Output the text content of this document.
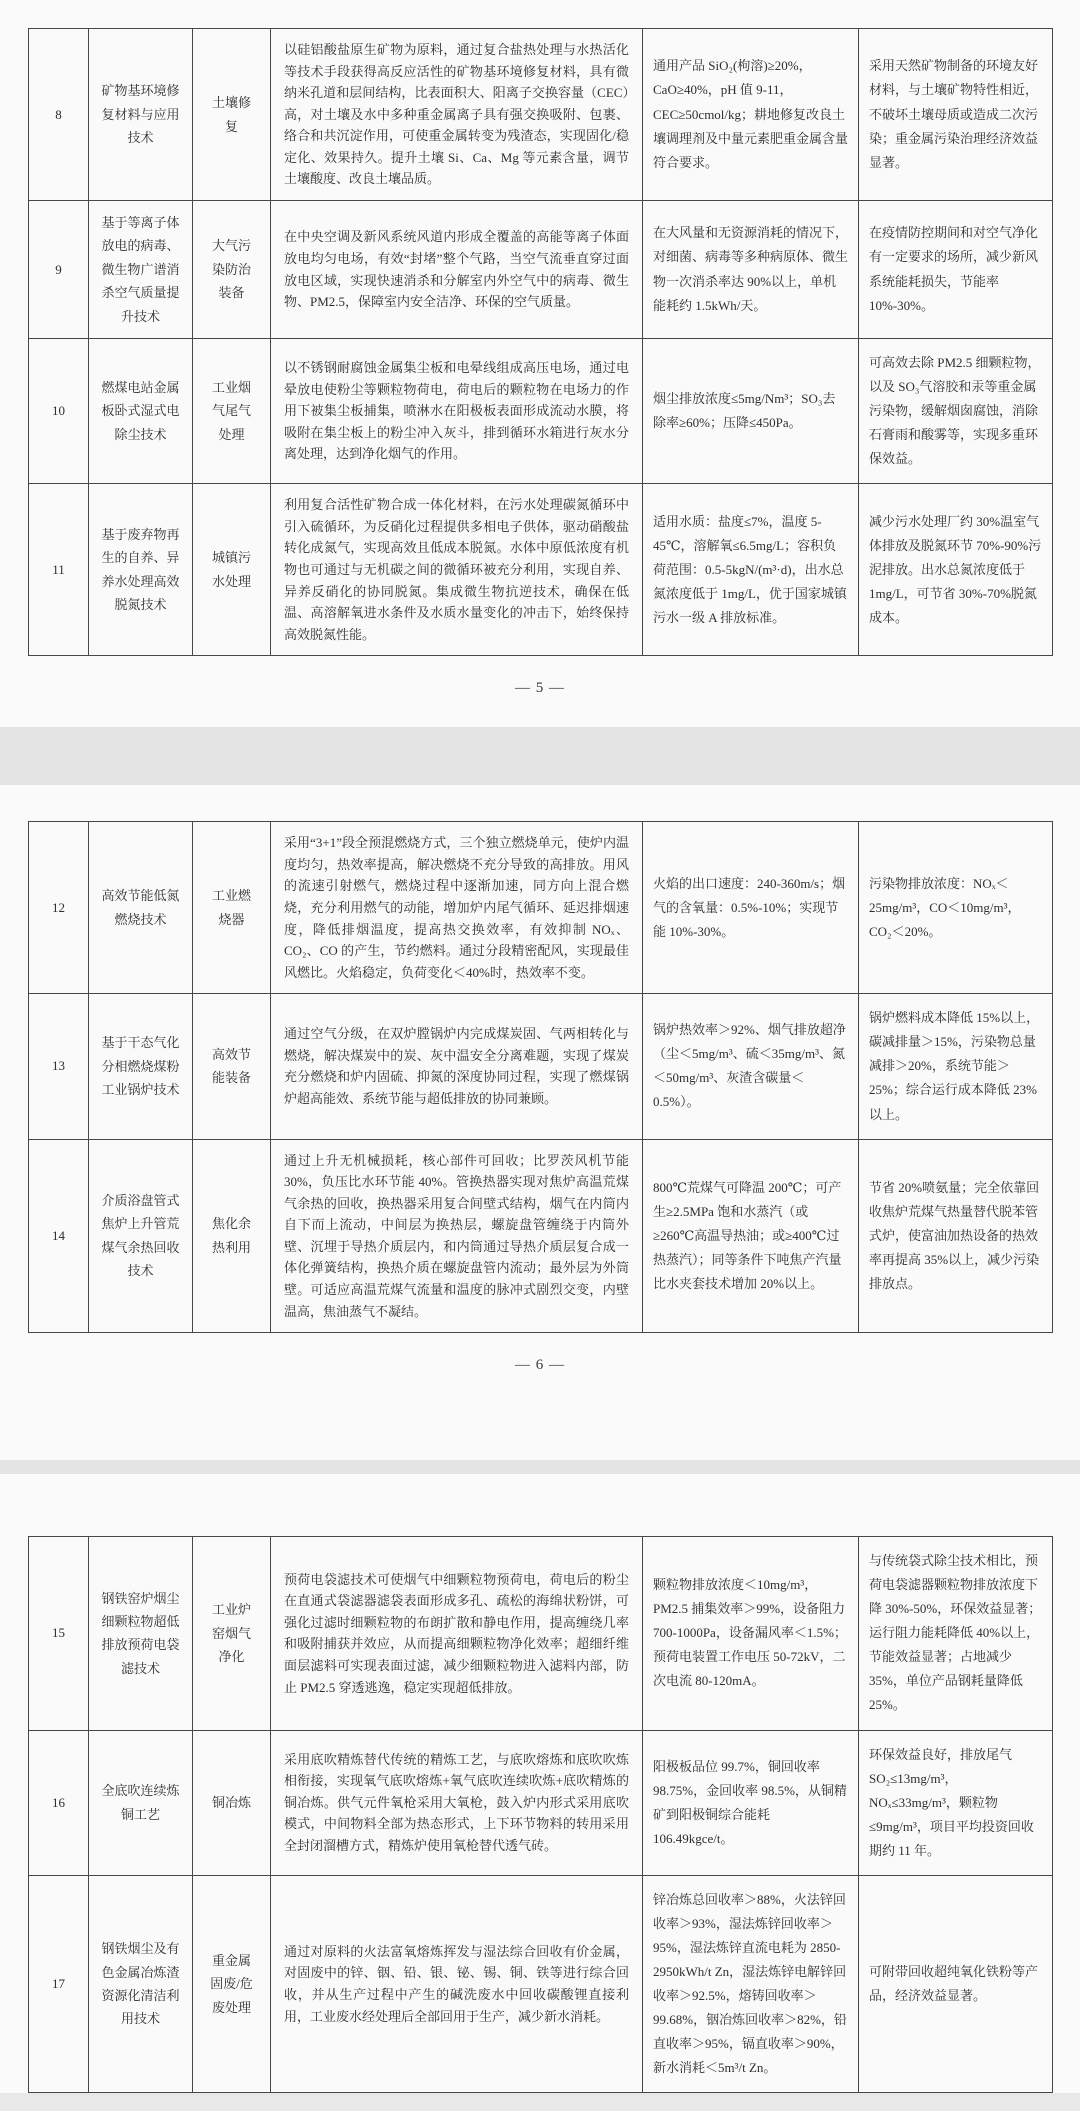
8	矿物基环境修复材料与应用技术	土壤修复	以硅铝酸盐原生矿物为原料，通过复合盐热处理与水热活化等技术手段获得高反应活性的矿物基环境修复材料，具有微纳米孔道和层间结构，比表面积大、阳离子交换容量（CEC）高，对土壤及水中多种重金属离子具有强交换吸附、包裹、络合和共沉淀作用，可使重金属转变为残渣态，实现固化/稳定化、效果持久。提升土壤 Si、Ca、Mg 等元素含量，调节土壤酸度、改良土壤品质。	通用产品 SiO₂(枸溶)≥20%，CaO≥40%，pH 值 9-11，CEC≥50cmol/kg；耕地修复改良土壤调理剂及中量元素肥重金属含量符合要求。	采用天然矿物制备的环境友好材料，与土壤矿物特性相近，不破坏土壤母质或造成二次污染；重金属污染治理经济效益显著。
9	基于等离子体放电的病毒、微生物广谱消杀空气质量提升技术	大气污染防治装备	在中央空调及新风系统风道内形成全覆盖的高能等离子体面放电均匀电场，有效“封堵”整个气路，当空气流垂直穿过面放电区域，实现快速消杀和分解室内外空气中的病毒、微生物、PM2.5，保障室内安全洁净、环保的空气质量。	在大风量和无资源消耗的情况下，对细菌、病毒等多种病原体、微生物一次消杀率达 90%以上，单机能耗约 1.5kWh/天。	在疫情防控期间和对空气净化有一定要求的场所，减少新风系统能耗损失，节能率 10%-30%。
10	燃煤电站金属板卧式湿式电除尘技术	工业烟气尾气处理	以不锈钢耐腐蚀金属集尘板和电晕线组成高压电场，通过电晕放电使粉尘等颗粒物荷电，荷电后的颗粒物在电场力的作用下被集尘板捕集，喷淋水在阳极板表面形成流动水膜，将吸附在集尘板上的粉尘冲入灰斗，排到循环水箱进行灰水分离处理，达到净化烟气的作用。	烟尘排放浓度≤5mg/Nm³；SO₃去除率≥60%；压降≤450Pa。	可高效去除 PM2.5 细颗粒物，以及 SO₃气溶胶和汞等重金属污染物，缓解烟囱腐蚀，消除石膏雨和酸雾等，实现多重环保效益。
11	基于废弃物再生的自养、异养水处理高效脱氮技术	城镇污水处理	利用复合活性矿物合成一体化材料，在污水处理碳氮循环中引入硫循环，为反硝化过程提供多相电子供体，驱动硝酸盐转化成氮气，实现高效且低成本脱氮。水体中原低浓度有机物也可通过与无机碳之间的微循环被充分利用，实现自养、异养反硝化的协同脱氮。集成微生物抗逆技术，确保在低温、高溶解氧进水条件及水质水量变化的冲击下，始终保持高效脱氮性能。	适用水质：盐度≤7%，温度 5-45℃，溶解氧≤6.5mg/L；容积负荷范围：0.5-5kgN/(m³·d)，出水总氮浓度低于 1mg/L，优于国家城镇污水一级 A 排放标准。	减少污水处理厂约 30%温室气体排放及脱氮环节 70%-90%污泥排放。出水总氮浓度低于 1mg/L，可节省 30%-70%脱氮成本。
— 5 —
12	高效节能低氮燃烧技术	工业燃烧器	采用“3+1”段全预混燃烧方式，三个独立燃烧单元，使炉内温度均匀，热效率提高，解决燃烧不充分导致的高排放。用风的流速引射燃气，燃烧过程中逐渐加速，同方向上混合燃烧，充分利用燃气的动能，增加炉内尾气循环、延迟排烟速度，降低排烟温度，提高热交换效率，有效抑制 NOₓ、CO₂、CO 的产生，节约燃料。通过分段精密配风，实现最佳风燃比。火焰稳定，负荷变化＜40%时，热效率不变。	火焰的出口速度：240-360m/s；烟气的含氧量：0.5%-10%；实现节能 10%-30%。	污染物排放浓度：NOₓ＜25mg/m³，CO＜10mg/m³，CO₂＜20%。
13	基于干态气化分相燃烧煤粉工业锅炉技术	高效节能装备	通过空气分级，在双炉膛锅炉内完成煤炭固、气两相转化与燃烧，解决煤炭中的炭、灰中温安全分离难题，实现了煤炭充分燃烧和炉内固硫、抑氮的深度协同过程，实现了燃煤锅炉超高能效、系统节能与超低排放的协同兼顾。	锅炉热效率＞92%、烟气排放超净（尘＜5mg/m³、硫＜35mg/m³、氮＜50mg/m³、灰渣含碳量＜0.5%）。	锅炉燃料成本降低 15%以上，碳减排量＞15%，污染物总量减排＞20%，系统节能＞25%；综合运行成本降低 23%以上。
14	介质浴盘管式焦炉上升管荒煤气余热回收技术	焦化余热利用	通过上升无机械损耗，核心部件可回收；比罗茨风机节能 30%，负压比水环节能 40%。管换热器实现对焦炉高温荒煤气余热的回收，换热器采用复合间壁式结构，烟气在内筒内自下而上流动，中间层为换热层，螺旋盘管缠绕于内筒外壁、沉埋于导热介质层内，和内筒通过导热介质层复合成一体化弹簧结构，换热介质在螺旋盘管内流动；最外层为外筒壁。可适应高温荒煤气流量和温度的脉冲式剧烈交变，内壁温高，焦油蒸气不凝结。	800℃荒煤气可降温 200℃；可产生≥2.5MPa 饱和水蒸汽（或≥260℃高温导热油；或≥400℃过热蒸汽）；同等条件下吨焦产汽量比水夹套技术增加 20%以上。	节省 20%喷氨量；完全依靠回收焦炉荒煤气热量替代脱苯管式炉，使富油加热设备的热效率再提高 35%以上，减少污染排放点。
— 6 —
15	钢铁窑炉烟尘细颗粒物超低排放预荷电袋滤技术	工业炉窑烟气净化	预荷电袋滤技术可使烟气中细颗粒物预荷电，荷电后的粉尘在直通式袋滤器滤袋表面形成多孔、疏松的海绵状粉饼，可强化过滤时细颗粒物的布朗扩散和静电作用，提高缠绕几率和吸附捕获并效应，从而提高细颗粒物净化效率；超细纤维面层滤料可实现表面过滤，减少细颗粒物进入滤料内部，防止 PM2.5 穿透逃逸，稳定实现超低排放。	颗粒物排放浓度＜10mg/m³，PM2.5 捕集效率＞99%，设备阻力 700-1000Pa，设备漏风率＜1.5%；预荷电装置工作电压 50-72kV，二次电流 80-120mA。	与传统袋式除尘技术相比，预荷电袋滤器颗粒物排放浓度下降 30%-50%，环保效益显著；运行阻力能耗降低 40%以上，节能效益显著；占地减少 35%，单位产品钢耗量降低 25%。
16	全底吹连续炼铜工艺	铜冶炼	采用底吹精炼替代传统的精炼工艺，与底吹熔炼和底吹吹炼相衔接，实现氧气底吹熔炼+氧气底吹连续吹炼+底吹精炼的铜冶炼。供气元件氧枪采用大氧枪，鼓入炉内形式采用底吹模式，中间物料全部为热态形式，上下环节物料的转用采用全封闭溜槽方式，精炼炉使用氧枪替代透气砖。	阳极板品位 99.7%，铜回收率 98.75%，金回收率 98.5%，从铜精矿到阳极铜综合能耗 106.49kgce/t。	环保效益良好，排放尾气 SO₂≤13mg/m³，NOₓ≤33mg/m³，颗粒物≤9mg/m³，项目平均投资回收期约 11 年。
17	钢铁烟尘及有色金属冶炼渣资源化清洁利用技术	重金属固废/危废处理	通过对原料的火法富氧熔炼挥发与湿法综合回收有价金属，对固废中的锌、铟、铅、银、铋、锡、铜、铁等进行综合回收，并从生产过程中产生的碱洗废水中回收碳酸锂直接利用，工业废水经处理后全部回用于生产，减少新水消耗。	锌冶炼总回收率＞88%，火法锌回收率＞93%，湿法炼锌回收率＞95%，湿法炼锌直流电耗为 2850-2950kWh/t Zn，湿法炼锌电解锌回收率＞92.5%，熔铸回收率＞99.68%，铟冶炼回收率＞82%，铅直收率＞95%，镉直收率＞90%，新水消耗＜5m³/t Zn。	可附带回收超纯氧化铁粉等产品，经济效益显著。
